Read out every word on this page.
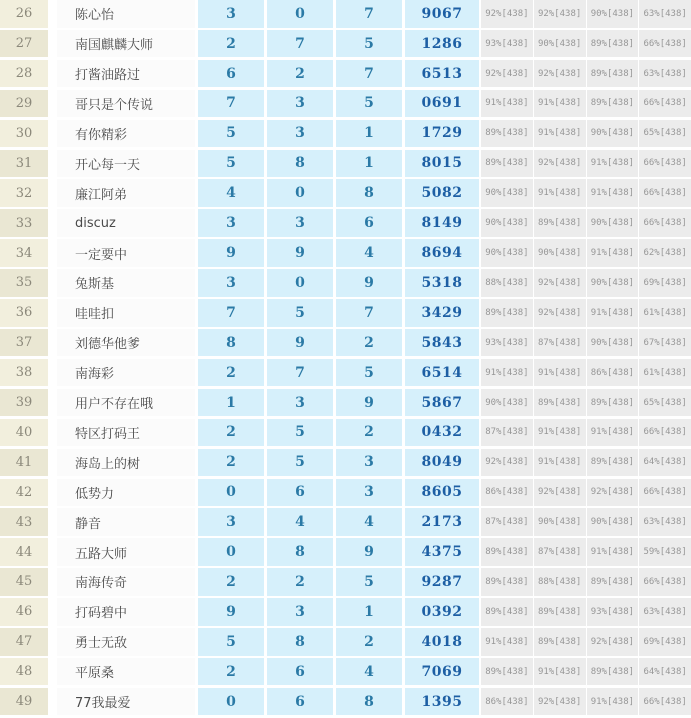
26	陈心怡	3	0	7	9067	92%[438]	92%[438]	90%[438]	63%[438]
27	南国麒麟大师	2	7	5	1286	93%[438]	90%[438]	89%[438]	66%[438]
28	打酱油路过	6	2	7	6513	92%[438]	92%[438]	89%[438]	63%[438]
29	哥只是个传说	7	3	5	0691	91%[438]	91%[438]	89%[438]	66%[438]
30	有你精彩	5	3	1	1729	89%[438]	91%[438]	90%[438]	65%[438]
31	开心每一天	5	8	1	8015	89%[438]	92%[438]	91%[438]	66%[438]
32	廉江阿弟	4	0	8	5082	90%[438]	91%[438]	91%[438]	66%[438]
33	discuz	3	3	6	8149	90%[438]	89%[438]	90%[438]	66%[438]
34	一定要中	9	9	4	8694	90%[438]	90%[438]	91%[438]	62%[438]
35	兔斯基	3	0	9	5318	88%[438]	92%[438]	90%[438]	69%[438]
36	哇哇扣	7	5	7	3429	89%[438]	92%[438]	91%[438]	61%[438]
37	刘德华他爹	8	9	2	5843	93%[438]	87%[438]	90%[438]	67%[438]
38	南海彩	2	7	5	6514	91%[438]	91%[438]	86%[438]	61%[438]
39	用户不存在哦	1	3	9	5867	90%[438]	89%[438]	89%[438]	65%[438]
40	特区打码王	2	5	2	0432	87%[438]	91%[438]	91%[438]	66%[438]
41	海岛上的树	2	5	3	8049	92%[438]	91%[438]	89%[438]	64%[438]
42	低势力	0	6	3	8605	86%[438]	92%[438]	92%[438]	66%[438]
43	静音	3	4	4	2173	87%[438]	90%[438]	90%[438]	63%[438]
44	五路大师	0	8	9	4375	89%[438]	87%[438]	91%[438]	59%[438]
45	南海传奇	2	2	5	9287	89%[438]	88%[438]	89%[438]	66%[438]
46	打码碧中	9	3	1	0392	89%[438]	89%[438]	93%[438]	63%[438]
47	勇士无敌	5	8	2	4018	91%[438]	89%[438]	92%[438]	69%[438]
48	平原桑	2	6	4	7069	89%[438]	91%[438]	89%[438]	64%[438]
49	77我最爱	0	6	8	1395	86%[438]	92%[438]	91%[438]	66%[438]
